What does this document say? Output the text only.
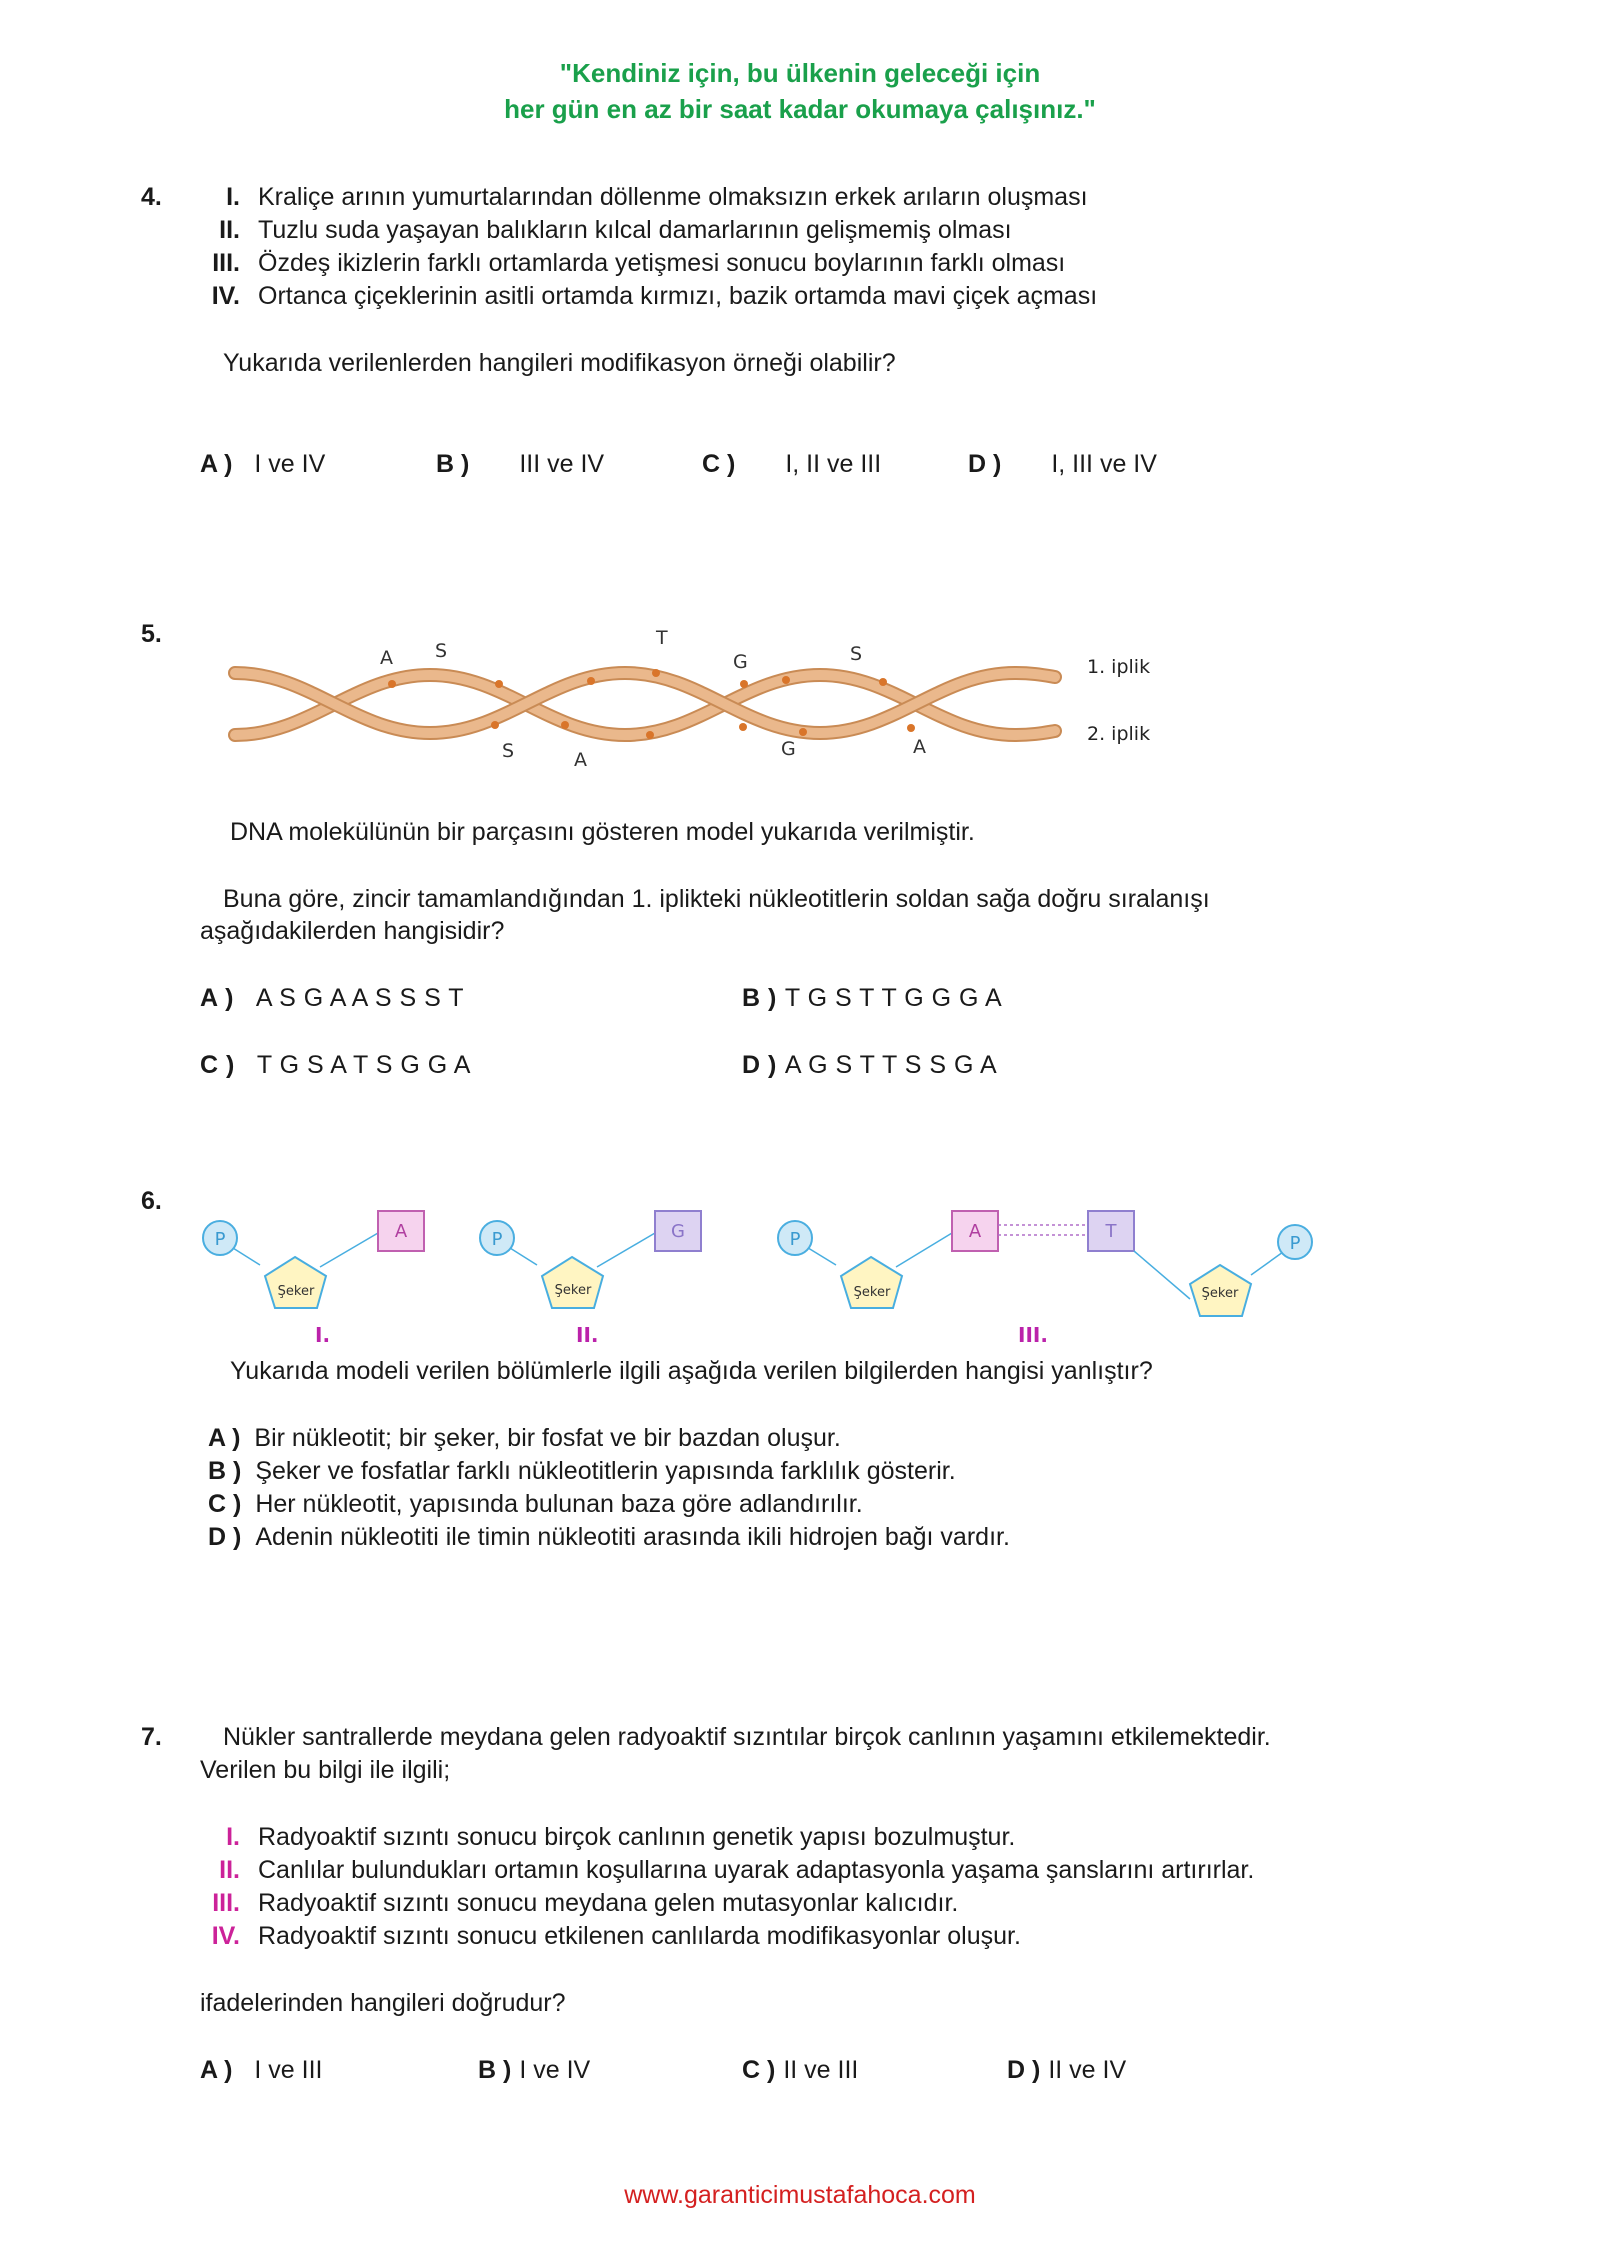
"Kendiniz için, bu ülkenin geleceği için
her gün en az bir saat kadar okumaya çalışınız."
4.	I. Kraliçe arının yumurtalarından döllenme olmaksızın erkek arıların oluşması
II. Tuzlu suda yaşayan balıkların kılcal damarlarının gelişmemiş olması
III. Özdeş ikizlerin farklı ortamlarda yetişmesi sonucu boylarının farklı olması
IV. Ortanca çiçeklerinin asitli ortamda kırmızı, bazik ortamda mavi çiçek açması
Yukarıda verilenlerden hangileri modifikasyon örneği olabilir?
A ) I ve IV	B ) III ve IV	C ) I, II ve III	D ) I, III ve IV
5.
A S
T
G	S
S	A	G	A
1. iplik
2. iplik
DNA molekülünün bir parçasını gösteren model yukarıda verilmiştir.
Buna göre, zincir tamamlandığından 1. iplikteki nükleotitlerin soldan sağa doğru sıralanışı
aşağıdakilerden hangisidir?
A ) A S G A A S S S T	B ) T G S T T G G G A
C ) T G S A T S G G A	D ) A G S T T S S G A
6.
P
Şeker
A
I.
P
Şeker
G
II.
P
Şeker
A	T
Şeker
P
III.
Yukarıda modeli verilen bölümlerle ilgili aşağıda verilen bilgilerden hangisi yanlıştır?
A ) Bir nükleotit; bir şeker, bir fosfat ve bir bazdan oluşur.
B ) Şeker ve fosfatlar farklı nükleotitlerin yapısında farklılık gösterir.
C ) Her nükleotit, yapısında bulunan baza göre adlandırılır.
D ) Adenin nükleotiti ile timin nükleotiti arasında ikili hidrojen bağı vardır.
7. Nükler santrallerde meydana gelen radyoaktif sızıntılar birçok canlının yaşamını etkilemektedir.
Verilen bu bilgi ile ilgili;
I. Radyoaktif sızıntı sonucu birçok canlının genetik yapısı bozulmuştur.
II. Canlılar bulundukları ortamın koşullarına uyarak adaptasyonla yaşama şanslarını artırırlar.
III. Radyoaktif sızıntı sonucu meydana gelen mutasyonlar kalıcıdır.
IV. Radyoaktif sızıntı sonucu etkilenen canlılarda modifikasyonlar oluşur.
ifadelerinden hangileri doğrudur?
A ) I ve III	B ) I ve IV	C ) II ve III	D ) II ve IV
www.garanticimustafahoca.com
